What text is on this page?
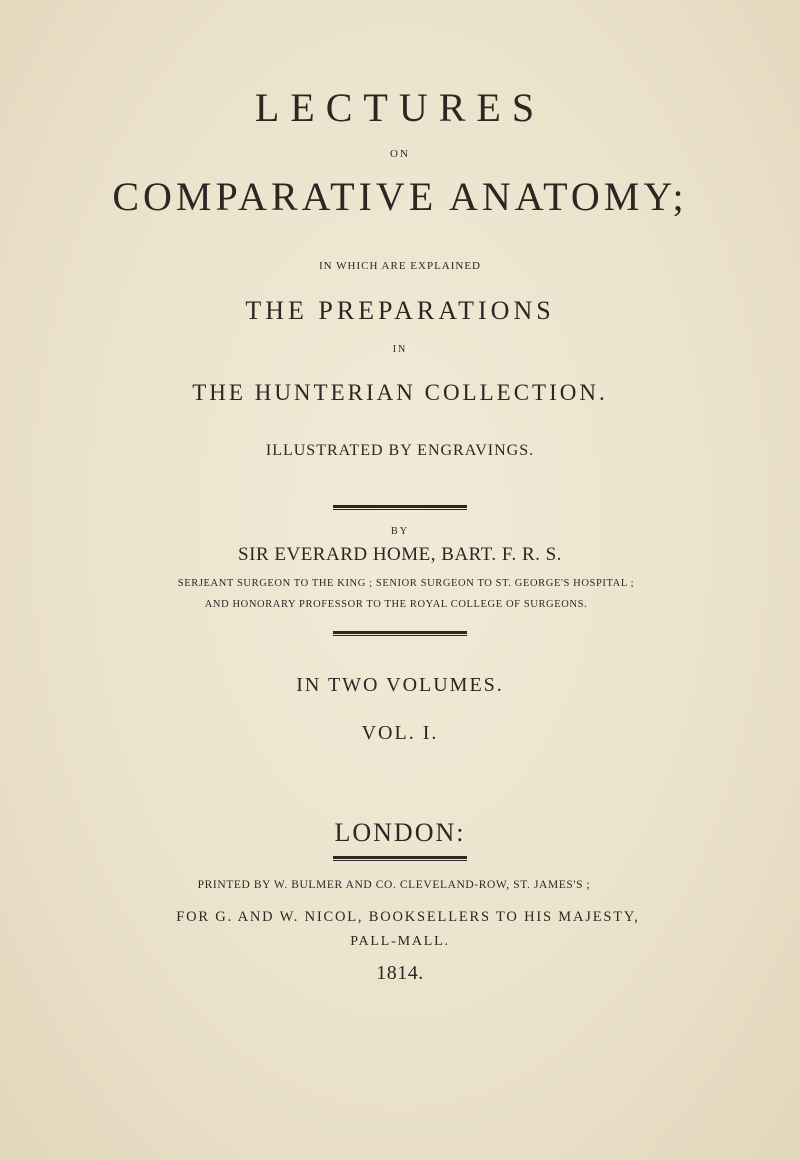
LECTURES
ON
COMPARATIVE ANATOMY;
IN WHICH ARE EXPLAINED
THE PREPARATIONS
IN
THE HUNTERIAN COLLECTION.
ILLUSTRATED BY ENGRAVINGS.
BY
SIR EVERARD HOME, BART. F. R. S.
SERJEANT SURGEON TO THE KING ; SENIOR SURGEON TO ST. GEORGE'S HOSPITAL ;
AND HONORARY PROFESSOR TO THE ROYAL COLLEGE OF SURGEONS.
IN TWO VOLUMES.
VOL. I.
LONDON:
PRINTED BY W. BULMER AND CO. CLEVELAND-ROW, ST. JAMES'S ;
FOR G. AND W. NICOL, BOOKSELLERS TO HIS MAJESTY,
PALL-MALL.
1814.
